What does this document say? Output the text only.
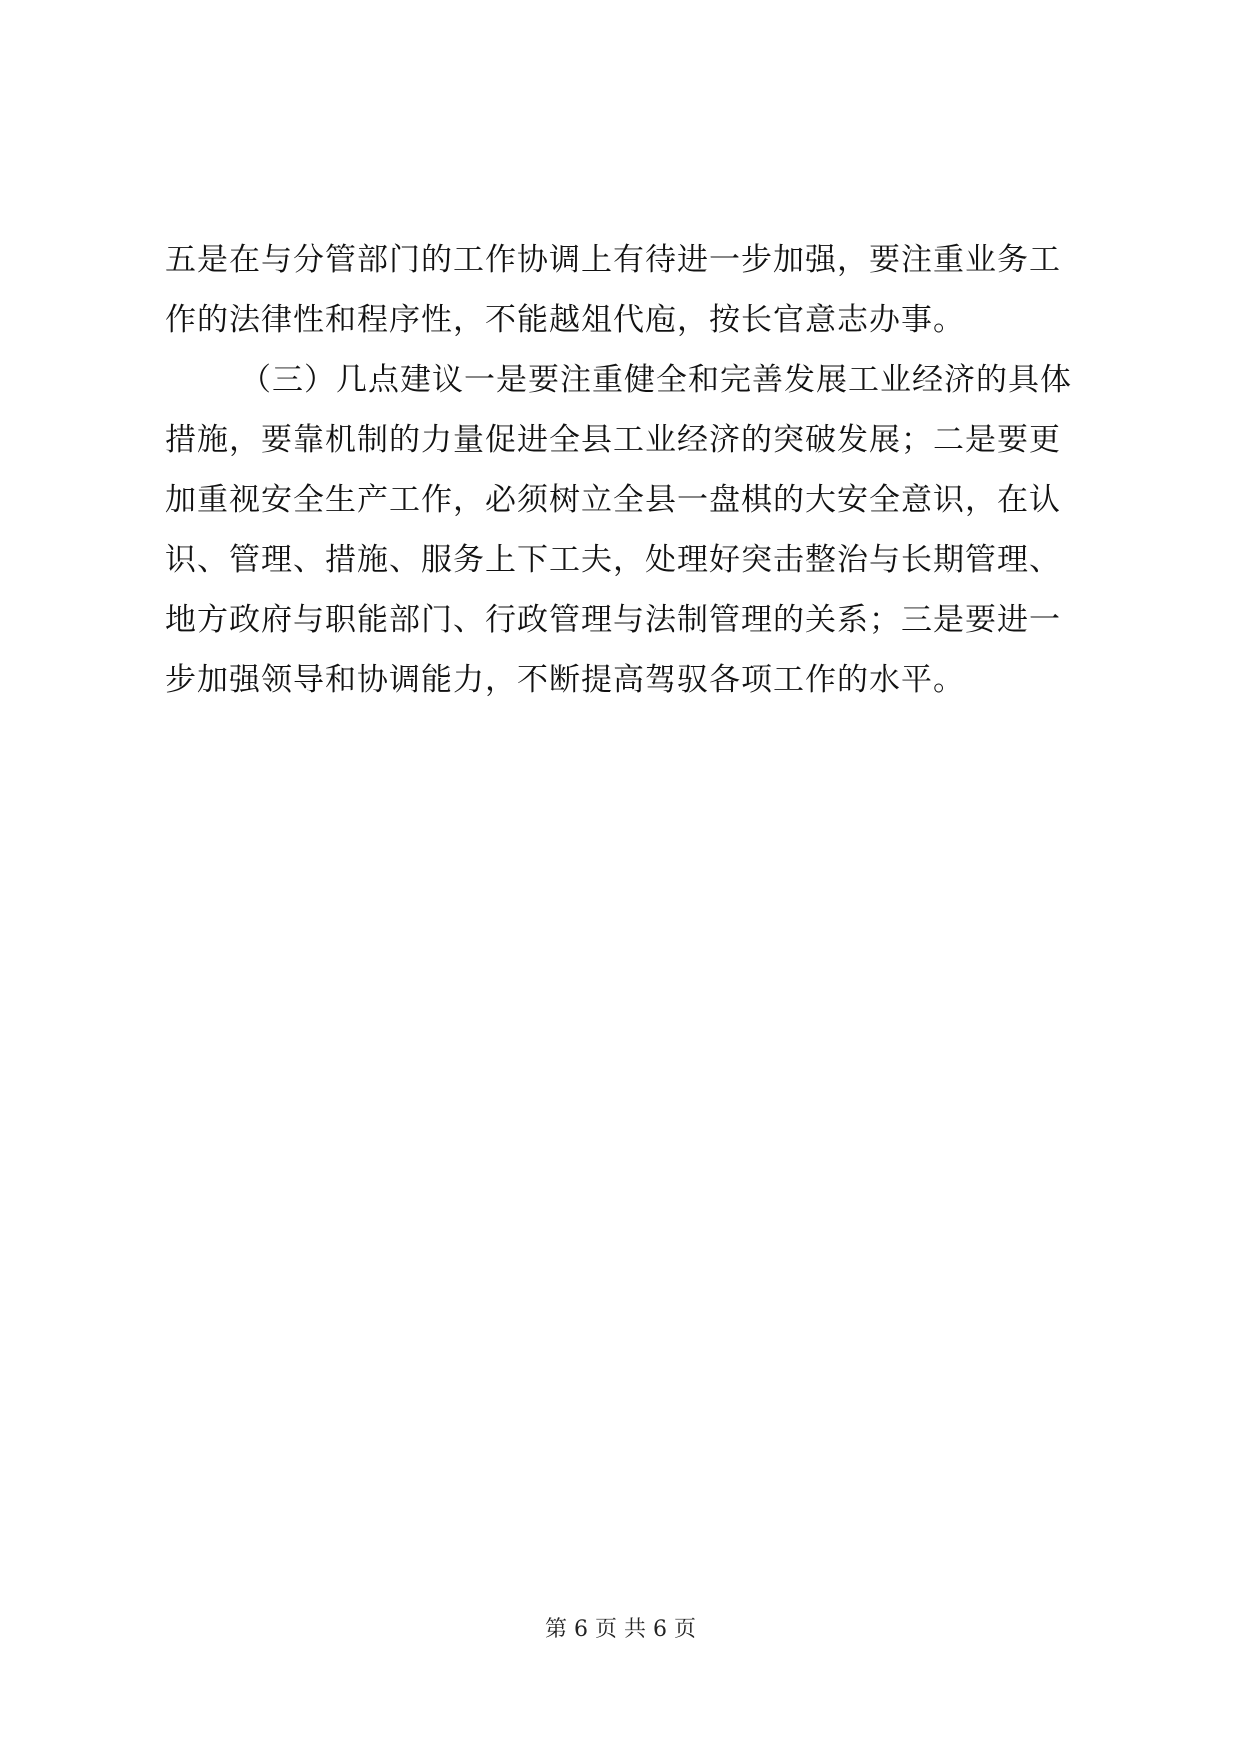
五是在与分管部门的工作协调上有待进一步加强，要注重业务工
作的法律性和程序性，不能越俎代庖，按长官意志办事。
（三）几点建议一是要注重健全和完善发展工业经济的具体
措施，要靠机制的力量促进全县工业经济的突破发展；二是要更
加重视安全生产工作，必须树立全县一盘棋的大安全意识，在认
识、管理、措施、服务上下工夫，处理好突击整治与长期管理、
地方政府与职能部门、行政管理与法制管理的关系；三是要进一
步加强领导和协调能力，不断提高驾驭各项工作的水平。
第 6 页 共 6 页
